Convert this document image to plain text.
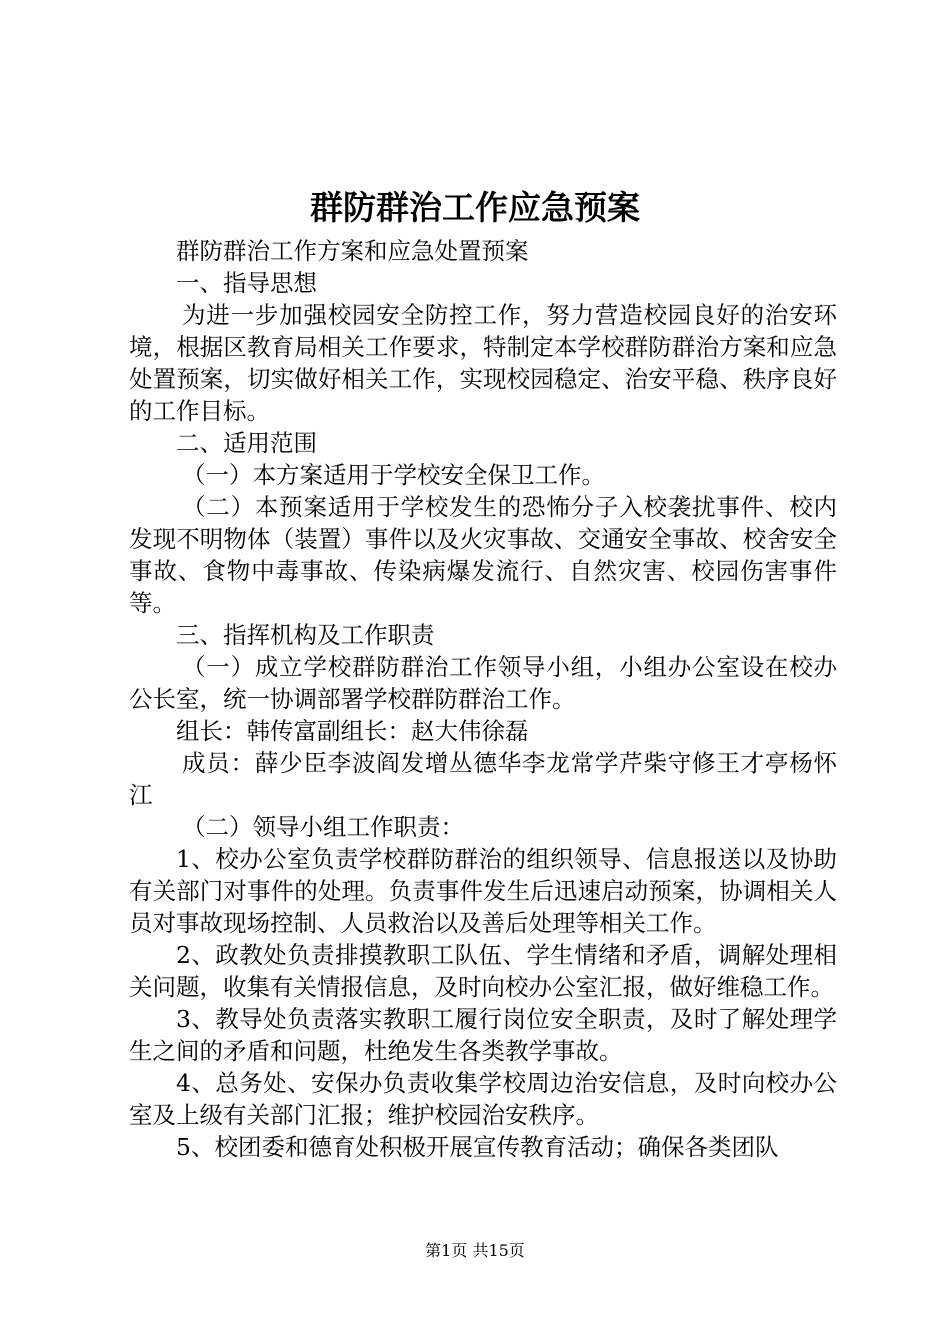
群防群治工作应急预案

群防群治工作方案和应急处置预案

一、指导思想

为进一步加强校园安全防控工作，努力营造校园良好的治安环境，根据区教育局相关工作要求，特制定本学校群防群治方案和应急处置预案，切实做好相关工作，实现校园稳定、治安平稳、秩序良好的工作目标。

二、适用范围

（一）本方案适用于学校安全保卫工作。

（二）本预案适用于学校发生的恐怖分子入校袭扰事件、校内发现不明物体（装置）事件以及火灾事故、交通安全事故、校舍安全事故、食物中毒事故、传染病爆发流行、自然灾害、校园伤害事件等。

三、指挥机构及工作职责

（一）成立学校群防群治工作领导小组，小组办公室设在校办公长室，统一协调部署学校群防群治工作。

组长：韩传富副组长：赵大伟徐磊

成员：薛少臣李波阎发增丛德华李龙常学芹柴守修王才亭杨怀江

（二）领导小组工作职责：

1、校办公室负责学校群防群治的组织领导、信息报送以及协助有关部门对事件的处理。负责事件发生后迅速启动预案，协调相关人员对事故现场控制、人员救治以及善后处理等相关工作。

2、政教处负责排摸教职工队伍、学生情绪和矛盾，调解处理相关问题，收集有关情报信息，及时向校办公室汇报，做好维稳工作。

3、教导处负责落实教职工履行岗位安全职责，及时了解处理学生之间的矛盾和问题，杜绝发生各类教学事故。

4、总务处、安保办负责收集学校周边治安信息，及时向校办公室及上级有关部门汇报；维护校园治安秩序。

5、校团委和德育处积极开展宣传教育活动；确保各类团队

第1页 共15页
